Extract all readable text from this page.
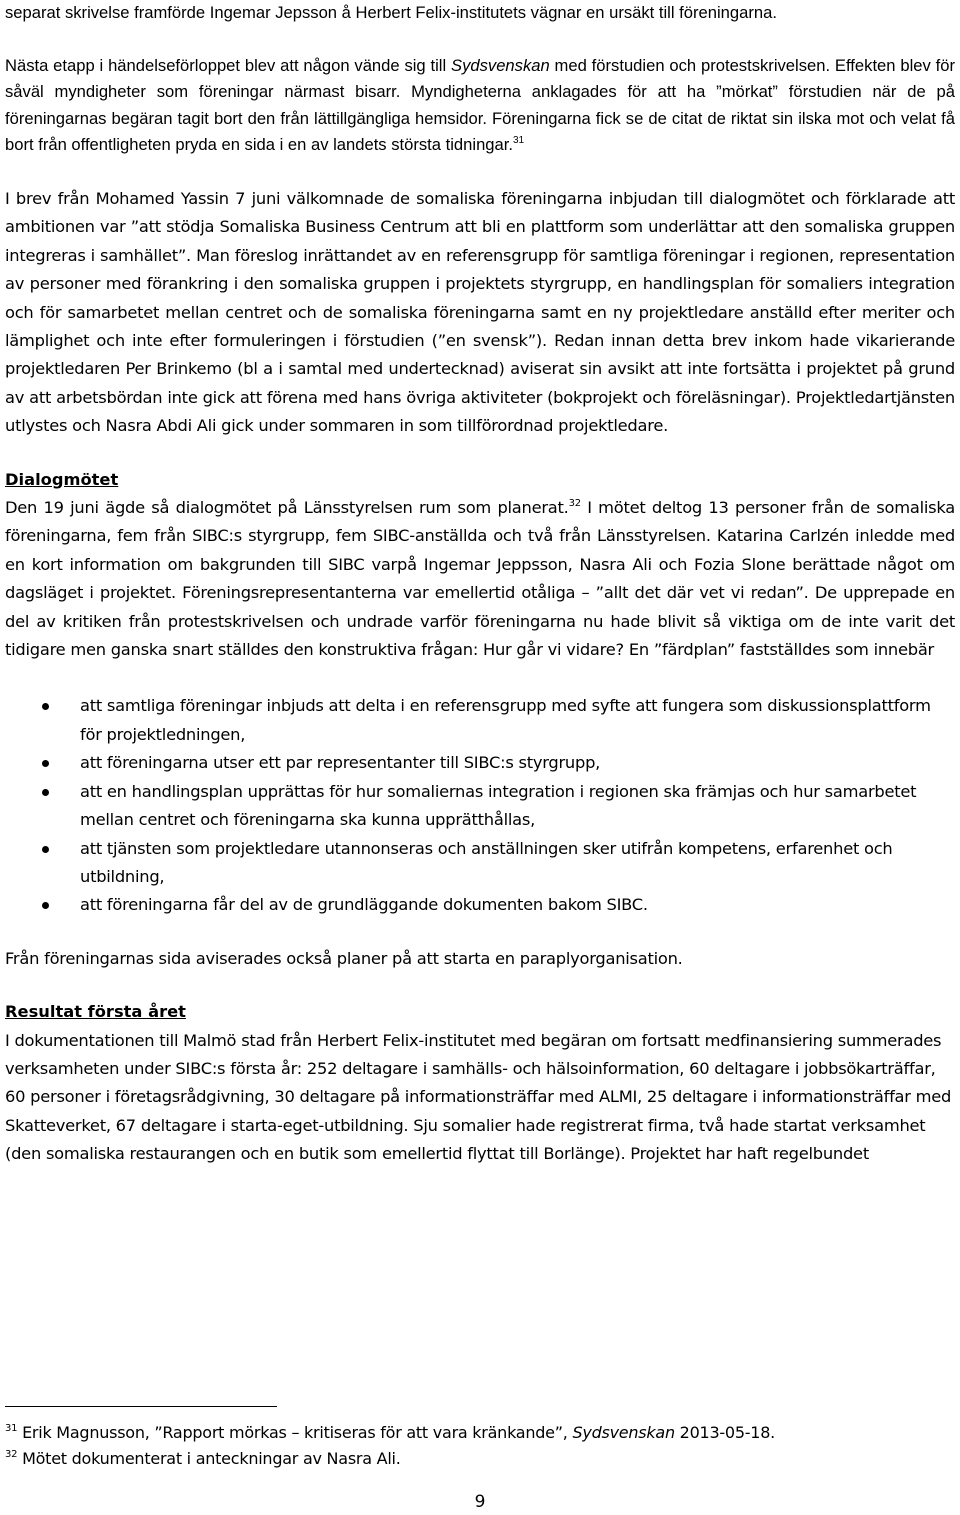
separat skrivelse framförde Ingemar Jepsson å Herbert Felix-institutets vägnar en ursäkt till föreningarna.

Nästa etapp i händelseförloppet blev att någon vände sig till Sydsvenskan med förstudien och protestskrivelsen. Effekten blev för såväl myndigheter som föreningar närmast bisarr. Myndigheterna anklagades för att ha ”mörkat” förstudien när de på föreningarnas begäran tagit bort den från lättillgängliga hemsidor. Föreningarna fick se de citat de riktat sin ilska mot och velat få bort från offentligheten pryda en sida i en av landets största tidningar.$^{31}$

I brev från Mohamed Yassin 7 juni välkomnade de somaliska föreningarna inbjudan till dialogmötet och förklarade att ambitionen var ”att stödja Somaliska Business Centrum att bli en plattform som underlättar att den somaliska gruppen integreras i samhället”. Man föreslog inrättandet av en referensgrupp för samtliga föreningar i regionen, representation av personer med förankring i den somaliska gruppen i projektets styrgrupp, en handlingsplan för somaliers integration och för samarbetet mellan centret och de somaliska föreningarna samt en ny projektledare anställd efter meriter och lämplighet och inte efter formuleringen i förstudien (”en svensk”). Redan innan detta brev inkom hade vikarierande projektledaren Per Brinkemo (bl a i samtal med undertecknad) aviserat sin avsikt att inte fortsätta i projektet på grund av att arbetsbördan inte gick att förena med hans övriga aktiviteter (bokprojekt och föreläsningar). Projektledartjänsten utlystes och Nasra Abdi Ali gick under sommaren in som tillförordnad projektledare.

Dialogmötet

Den 19 juni ägde så dialogmötet på Länsstyrelsen rum som planerat.$^{32}$ I mötet deltog 13 personer från de somaliska föreningarna, fem från SIBC:s styrgrupp, fem SIBC-anställda och två från Länsstyrelsen. Katarina Carlzén inledde med en kort information om bakgrunden till SIBC varpå Ingemar Jeppsson, Nasra Ali och Fozia Slone berättade något om dagsläget i projektet. Föreningsrepresentanterna var emellertid otåliga – ”allt det där vet vi redan”. De upprepade en del av kritiken från protestskrivelsen och undrade varför föreningarna nu hade blivit så viktiga om de inte varit det tidigare men ganska snart ställdes den konstruktiva frågan: Hur går vi vidare? En ”färdplan” fastställdes som innebär

att samtliga föreningar inbjuds att delta i en referensgrupp med syfte att fungera som diskussionsplattform för projektledningen,
att föreningarna utser ett par representanter till SIBC:s styrgrupp,
att en handlingsplan upprättas för hur somaliernas integration i regionen ska främjas och hur samarbetet mellan centret och föreningarna ska kunna upprätthållas,
att tjänsten som projektledare utannonseras och anställningen sker utifrån kompetens, erfarenhet och utbildning,
att föreningarna får del av de grundläggande dokumenten bakom SIBC.

Från föreningarnas sida aviserades också planer på att starta en paraplyorganisation.

Resultat första året

I dokumentationen till Malmö stad från Herbert Felix-institutet med begäran om fortsatt medfinansiering summerades verksamheten under SIBC:s första år: 252 deltagare i samhälls- och hälsoinformation, 60 deltagare i jobbsökarträffar, 60 personer i företagsrådgivning, 30 deltagare på informationsträffar med ALMI, 25 deltagare i informationsträffar med Skatteverket, 67 deltagare i starta-eget-utbildning. Sju somalier hade registrerat firma, två hade startat verksamhet (den somaliska restaurangen och en butik som emellertid flyttat till Borlänge). Projektet har haft regelbundet

$^{31}$ Erik Magnusson, ”Rapport mörkas – kritiseras för att vara kränkande”, Sydsvenskan 2013-05-18.

$^{32}$ Mötet dokumenterat i anteckningar av Nasra Ali.

9
